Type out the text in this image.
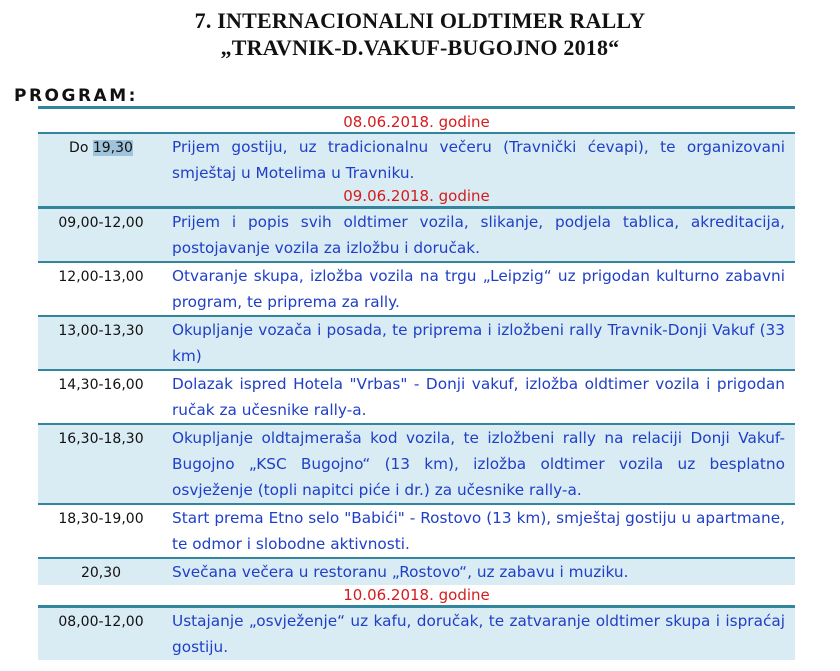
7. INTERNACIONALNI OLDTIMER RALLY
„TRAVNIK-D.VAKUF-BUGOJNO 2018“
PROGRAM:
08.06.2018. godine
Do 19,30	Prijem gostiju, uz tradicionalnu večeru (Travnički ćevapi), te organizovani smještaj u Motelima u Travniku.
09.06.2018. godine
09,00-12,00	Prijem i popis svih oldtimer vozila, slikanje, podjela tablica, akreditacija, postojavanje vozila za izložbu i doručak.
12,00-13,00	Otvaranje skupa, izložba vozila na trgu „Leipzig“ uz prigodan kulturno zabavni program, te priprema za rally.
13,00-13,30	Okupljanje vozača i posada, te priprema i izložbeni rally Travnik-Donji Vakuf (33 km)
14,30-16,00	Dolazak ispred Hotela "Vrbas" - Donji vakuf, izložba oldtimer vozila i prigodan ručak za učesnike rally-a.
16,30-18,30	Okupljanje oldtajmeraša kod vozila, te izložbeni rally na relaciji Donji Vakuf-Bugojno „KSC Bugojno“ (13 km), izložba oldtimer vozila uz besplatno osvježenje (topli napitci piće i dr.) za učesnike rally-a.
18,30-19,00	Start prema Etno selo "Babići" - Rostovo (13 km), smještaj gostiju u apartmane, te odmor i slobodne aktivnosti.
20,30	Svečana večera u restoranu „Rostovo“, uz zabavu i muziku.
10.06.2018. godine
08,00-12,00	Ustajanje „osvježenje“ uz kafu, doručak, te zatvaranje oldtimer skupa i ispraćaj gostiju.
